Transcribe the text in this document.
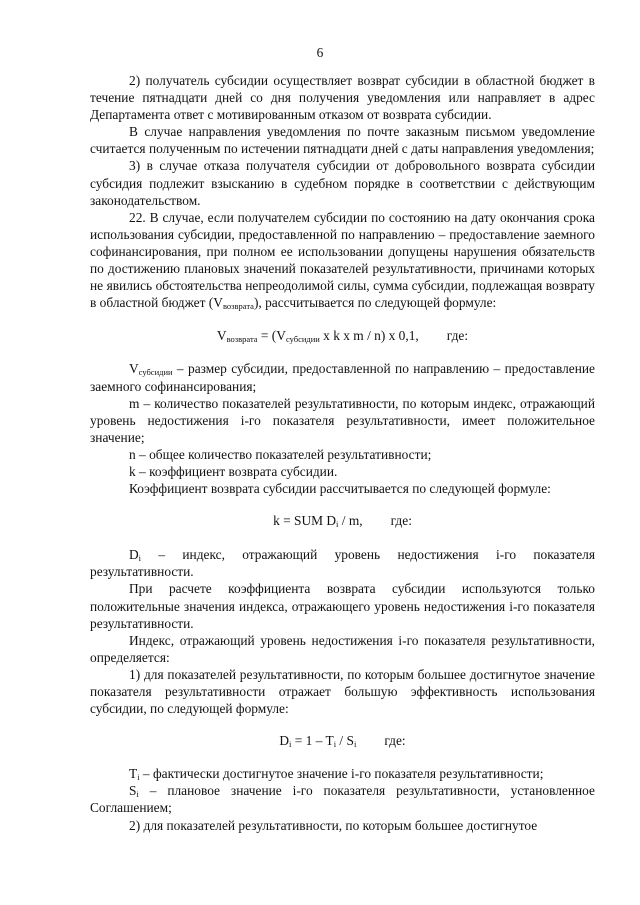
6

2) получатель субсидии осуществляет возврат субсидии в областной бюджет в течение пятнадцати дней со дня получения уведомления или направляет в адрес Департамента ответ с мотивированным отказом от возврата субсидии.

В случае направления уведомления по почте заказным письмом уведомление считается полученным по истечении пятнадцати дней с даты направления уведомления;

3) в случае отказа получателя субсидии от добровольного возврата субсидии субсидия подлежит взысканию в судебном порядке в соответствии с действующим законодательством.

22. В случае, если получателем субсидии по состоянию на дату окончания срока использования субсидии, предоставленной по направлению – предоставление заемного софинансирования, при полном ее использовании допущены нарушения обязательств по достижению плановых значений показателей результативности, причинами которых не явились обстоятельства непреодолимой силы, сумма субсидии, подлежащая возврату в областной бюджет $(V_{возврата})$, рассчитывается по следующей формуле:

$V_{возврата} = (V_{субсидии}$ x k x m / n) x 0,1, где:

$V_{субсидии}$ – размер субсидии, предоставленной по направлению – предоставление заемного софинансирования;

m – количество показателей результативности, по которым индекс, отражающий уровень недостижения i-го показателя результативности, имеет положительное значение;

n – общее количество показателей результативности;

k – коэффициент возврата субсидии.

Коэффициент возврата субсидии рассчитывается по следующей формуле:

k = SUM $D_i$ / m, где:

$D_i$ – индекс, отражающий уровень недостижения i-го показателя результативности.

При расчете коэффициента возврата субсидии используются только положительные значения индекса, отражающего уровень недостижения i-го показателя результативности.

Индекс, отражающий уровень недостижения i-го показателя результативности, определяется:

1) для показателей результативности, по которым большее достигнутое значение показателя результативности отражает большую эффективность использования субсидии, по следующей формуле:

$D_i = 1 - T_i / S_i$ где:

$T_i$ – фактически достигнутое значение i-го показателя результативности;

$S_i$ – плановое значение i-го показателя результативности, установленное Соглашением;

2) для показателей результативности, по которым большее достигнутое
